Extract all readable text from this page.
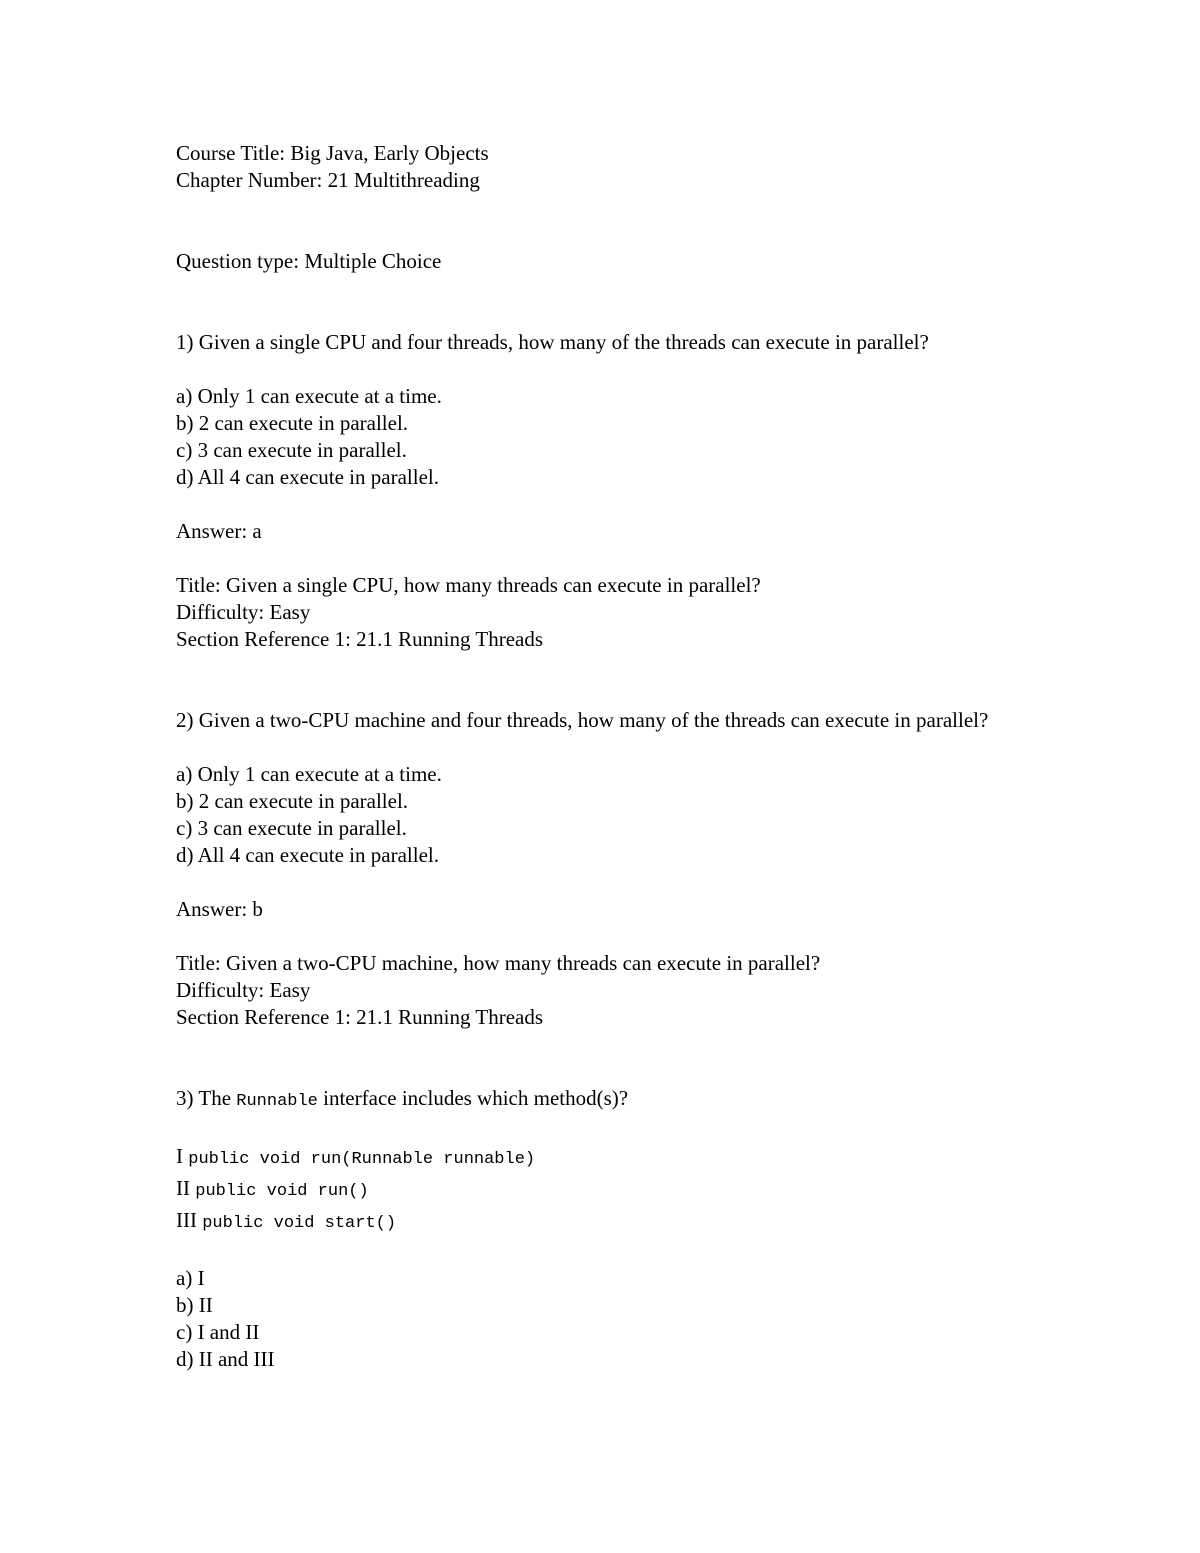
Course Title: Big Java, Early Objects
Chapter Number: 21 Multithreading
Question type: Multiple Choice
1) Given a single CPU and four threads, how many of the threads can execute in parallel?
a) Only 1 can execute at a time.
b) 2 can execute in parallel.
c) 3 can execute in parallel.
d) All 4 can execute in parallel.
Answer: a
Title: Given a single CPU, how many threads can execute in parallel?
Difficulty: Easy
Section Reference 1: 21.1 Running Threads
2) Given a two-CPU machine and four threads, how many of the threads can execute in parallel?
a) Only 1 can execute at a time.
b) 2 can execute in parallel.
c) 3 can execute in parallel.
d) All 4 can execute in parallel.
Answer: b
Title: Given a two-CPU machine, how many threads can execute in parallel?
Difficulty: Easy
Section Reference 1: 21.1 Running Threads
3) The Runnable interface includes which method(s)?
I public void run(Runnable runnable)
II public void run()
III public void start()
a) I
b) II
c) I and II
d) II and III
